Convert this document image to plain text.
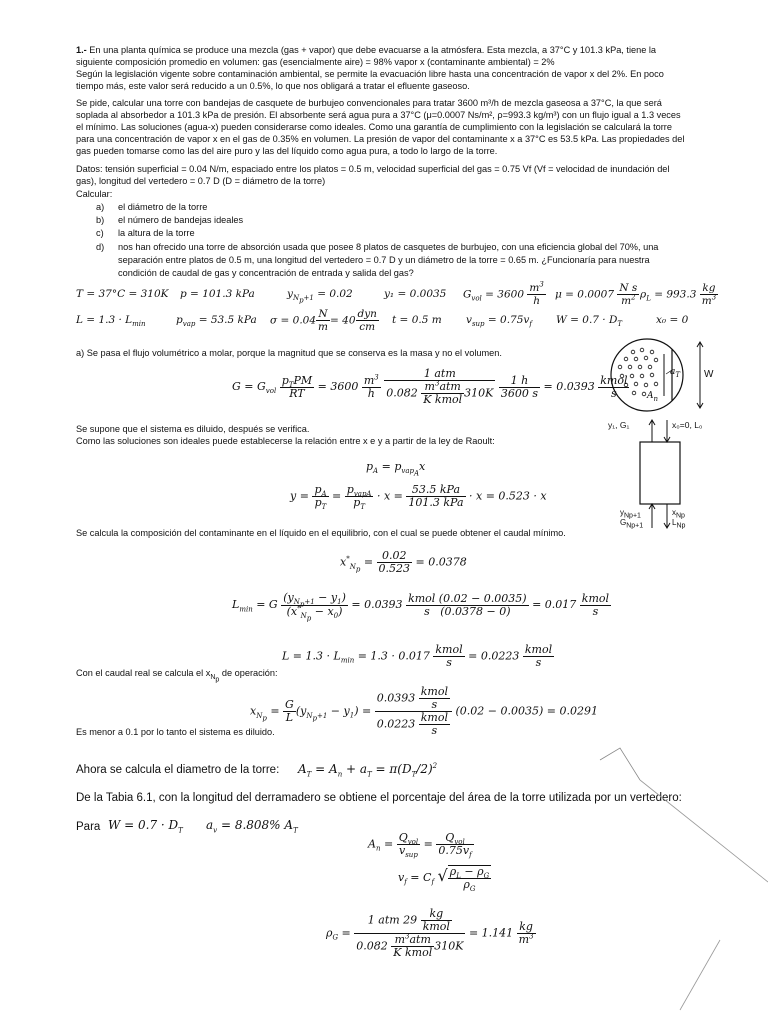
1.- En una planta química se produce una mezcla (gas + vapor) que debe evacuarse a la atmósfera. Esta mezcla, a 37°C y 101.3 kPa, tiene la
siguiente composición promedio en volumen: gas (esencialmente aire) = 98% vapor x (contaminante ambiental) = 2%
Según la legislación vigente sobre contaminación ambiental, se permite la evacuación libre hasta una concentración de vapor x del 2%. En poco
tiempo más, este valor será reducido a un 0.5%, lo que nos obligará a tratar el efluente gaseoso.
Se pide, calcular una torre con bandejas de casquete de burbujeo convencionales para tratar 3600 m³/h de mezcla gaseosa a 37°C, la que será
soplada al absorbedor a 101.3 kPa de presión. El absorbente será agua pura a 37°C (μ=0.0007 Ns/m², ρ=993.3 kg/m³) con un flujo igual a 1.3 veces
el mínimo. Las soluciones (agua-x) pueden considerarse como ideales. Como una garantía de cumplimiento con la legislación se calculará la torre
para una concentración de vapor x en el gas de 0.35% en volumen. La presión de vapor del contaminante x a 37°C es 53.5 kPa. Las propiedades del
gas pueden tomarse como las del aire puro y las del líquido como agua pura, a todo lo largo de la torre.
Datos: tensión superficial = 0.04 N/m, espaciado entre los platos = 0.5 m, velocidad superficial del gas = 0.75 Vf (Vf = velocidad de inundación del
gas), longitud del vertedero = 0.7 D (D = diámetro de la torre)
Calcular:
a) el diámetro de la torre
b) el número de bandejas ideales
c) la altura de la torre
d) nos han ofrecido una torre de absorción usada que posee 8 platos de casquetes de burbujeo, con una eficiencia global del 70%, una
separación entre platos de 0.5 m, una longitud del vertedero = 0.7 D y un diámetro de la torre = 0.65 m. ¿Funcionaría para nuestra
condición de caudal de gas y concentración de entrada y salida del gas?
T = 37°C = 310K p = 101.3 kPa	$y_{N_p+1} = 0.02$	y₁ = 0.0035 $G_{vol} = 3600 \frac{m^3}{h}$ $\mu = 0.0007 \frac{\text{N s}}{m^2} \rho_L = 993.3 \frac{kg}{m^3}$
$L = 1.3 \cdot L_{min}$	$p_{vap} = 53.5$ kPa $\sigma = 0.04 \frac{N}{m} = 40 \frac{\text{dyn}}{cm}$ t = 0.5 m $v_{sup} = 0.75v_f$ $W = 0.7 \cdot D_T$	x₀ = 0
a) Se pasa el flujo volumétrico a molar, porque la magnitud que se conserva es la masa y no el volumen.
$G = G_{vol} \frac{p_TPM}{RT} = 3600 \frac{m^3}{h}$
$\frac{\text{1 atm}}{0.082 \frac{m^3atm}{\text{K kmol}} 310K}$
$\frac{1 h}{3600 s} = 0.0393 \frac{\text{kmol}}{s}$
Se supone que el sistema es diluido, después se verifica.
Como las soluciones son ideales puede establecerse la relación entre x e y a partir de la ley de Raoult:
$p_A = p_{vap_A}x$
$y = \frac{p_A}{p_T} = \frac{p_{vapA}}{p_T} \cdot x = \frac{\text{53.5 kPa}}{\text{101.3 kPa}} \cdot x = 0.523 \cdot x$
Se calcula la composición del contaminante en el líquido en el equilibrio, con el cual se puede obtener el caudal mínimo.
$x^*_{N_p} = \frac{0.02}{0.523} = 0.0378$
$L_{min} = G \frac{(y_{N_p+1} - y_1)}{(x^*_{N_p} - x_0)} = 0.0393 \frac{\text{kmol (0.02 − 0.0035)}}{s (0.0378 - 0)} = 0.017 \frac{\text{kmol}}{s}$
$L = 1.3 \cdot L_{min} = 1.3 \cdot 0.017 \frac{\text{kmol}}{s} = 0.0223 \frac{\text{kmol}}{s}$
Con el caudal real se calcula el $x_{N_p}$ de operación:
$x_{N_p} = \frac{G}{L} (y_{N_p+1} - y_1) = \frac{0.0393 \frac{\text{kmol}}{s}}{0.0223 \frac{\text{kmol}}{s}} (0.02 - 0.0035) = 0.0291$
Es menor a 0.1 por lo tanto el sistema es diluido.
Ahora se calcula el diametro de la torre: $A_T = A_n + a_T = \pi(D_T/2)^2$
De la Tabia 6.1, con la longitud del derramadero se obtiene el porcentaje del área de la torre utilizada por un vertedero:
Para $W = 0.7 \cdot D_T$ $a_v = 8.808\%$ $A_T$
$A_n = \frac{Q_{vol}}{v_{sup}} = \frac{Q_{vol}}{0.75v_f}$
$v_f = C_f$ √ $\frac{\rho_L - \rho_G}{\rho_G}$
$\rho_G = \frac{1 atm 29 \frac{kg}{\text{kmol}}}{0.082 \frac{m^3atm}{\text{K kmol}} 310K} = 1.141 \frac{kg}{m^3}$
$a_T$
$A_n$
W
y₁, G₁	x₀=0, L₀
$y_{Np+1}$
$G_{Np+1}$
$x_{Np}$
$L_{Np}$
